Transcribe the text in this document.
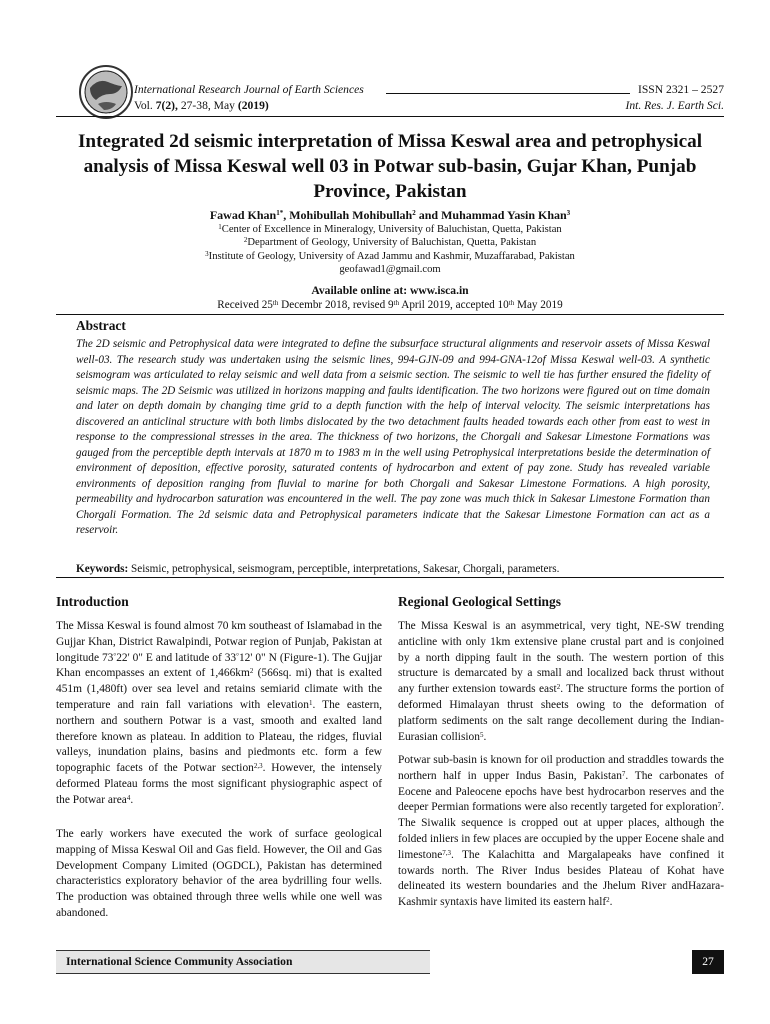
International Research Journal of Earth Sciences
Vol. 7(2), 27-38, May (2019)
ISSN 2321 – 2527
Int. Res. J. Earth Sci.
Integrated 2d seismic interpretation of Missa Keswal area and petrophysical analysis of Missa Keswal well 03 in Potwar sub-basin, Gujar Khan, Punjab Province, Pakistan
Fawad Khan$^{1*}$, Mohibullah Mohibullah$^2$ and Muhammad Yasin Khan$^3$
$^1$Center of Excellence in Mineralogy, University of Baluchistan, Quetta, Pakistan
$^2$Department of Geology, University of Baluchistan, Quetta, Pakistan
$^3$Institute of Geology, University of Azad Jammu and Kashmir, Muzaffarabad, Pakistan
geofawad1@gmail.com
Available online at: www.isca.in
Received 25th Decembr 2018, revised 9th April 2019, accepted 10th May 2019
Abstract
The 2D seismic and Petrophysical data were integrated to define the subsurface structural alignments and reservoir assets of Missa Keswal well-03. The research study was undertaken using the seismic lines, 994-GJN-09 and 994-GNA-12of Missa Keswal well-03. A synthetic seismogram was articulated to relay seismic and well data from a seismic section. The seismic to well tie has further ensured the fidelity of seismic maps. The 2D Seismic was utilized in horizons mapping and faults identification. The two horizons were figured out on time domain and later on depth domain by changing time grid to a depth function with the help of interval velocity. The seismic interpretations has discovered an anticlinal structure with both limbs dislocated by the two detachment faults headed towards each other from east to west in response to the compressional stresses in the area. The thickness of two horizons, the Chorgali and Sakesar Limestone Formations was gauged from the perceptible depth intervals at 1870 m to 1983 m in the well using Petrophysical interpretations beside the determination of environment of deposition, effective porosity, saturated contents of hydrocarbon and extent of pay zone. Study has revealed variable environments of deposition ranging from fluvial to marine for both Chorgali and Sakesar Limestone Formations. A high porosity, permeability and hydrocarbon saturation was encountered in the well. The pay zone was much thick in Sakesar Limestone Formation than Chorgali Formation. The 2d seismic data and Petrophysical parameters indicate that the Sakesar Limestone Formation can act as a reservoir.
Keywords: Seismic, petrophysical, seismogram, perceptible, interpretations, Sakesar, Chorgali, parameters.
Introduction
The Missa Keswal is found almost 70 km southeast of Islamabad in the Gujjar Khan, District Rawalpindi, Potwar region of Punjab, Pakistan at longitude 73°22' 0" E and latitude of 33°12' 0" N (Figure-1). The Gujjar Khan encompasses an extent of $1,466km^2$ (566sq. mi) that is exalted 451m (1,480ft) over sea level and retains semiarid climate with the temperature and rain fall variations with elevation$^1$. The eastern, northern and southern Potwar is a vast, smooth and exalted land therefore known as plateau. In addition to Plateau, the ridges, fluvial valleys, inundation plains, basins and piedmonts etc. form a few topographic facets of the Potwar section$^{2,3}$. However, the intensely deformed Plateau forms the most significant physiographic aspect of the Potwar area$^4$.
The early workers have executed the work of surface geological mapping of Missa Keswal Oil and Gas field. However, the Oil and Gas Development Company Limited (OGDCL), Pakistan has determined characteristics exploratory behavior of the area bydrilling four wells. The production was obtained through three wells while one well was abandoned.
Regional Geological Settings
The Missa Keswal is an asymmetrical, very tight, NE-SW trending anticline with only 1km extensive plane crustal part and is conjoined by a north dipping fault in the south. The western portion of this structure is demarcated by a small and localized back thrust without any further extension towards east$^2$. The structure forms the portion of deformed Himalayan thrust sheets owing to the deformation of platform sediments on the salt range decollement during the Indian-Eurasian collision$^5$.
Potwar sub-basin is known for oil production and straddles towards the northern half in upper Indus Basin, Pakistan$^7$. The carbonates of Eocene and Paleocene epochs have best hydrocarbon reserves and the deeper Permian formations were also recently targeted for exploration$^7$. The Siwalik sequence is cropped out at upper places, although the folded inliers in few places are occupied by the upper Eocene shale and limestone$^{7,3}$. The Kalachitta and Margalapeaks have confined it towards north. The River Indus besides Plateau of Kohat have delineated its western boundaries and the Jhelum River andHazara-Kashmir syntaxis have limited its eastern half$^2$.
International Science Community Association	27
